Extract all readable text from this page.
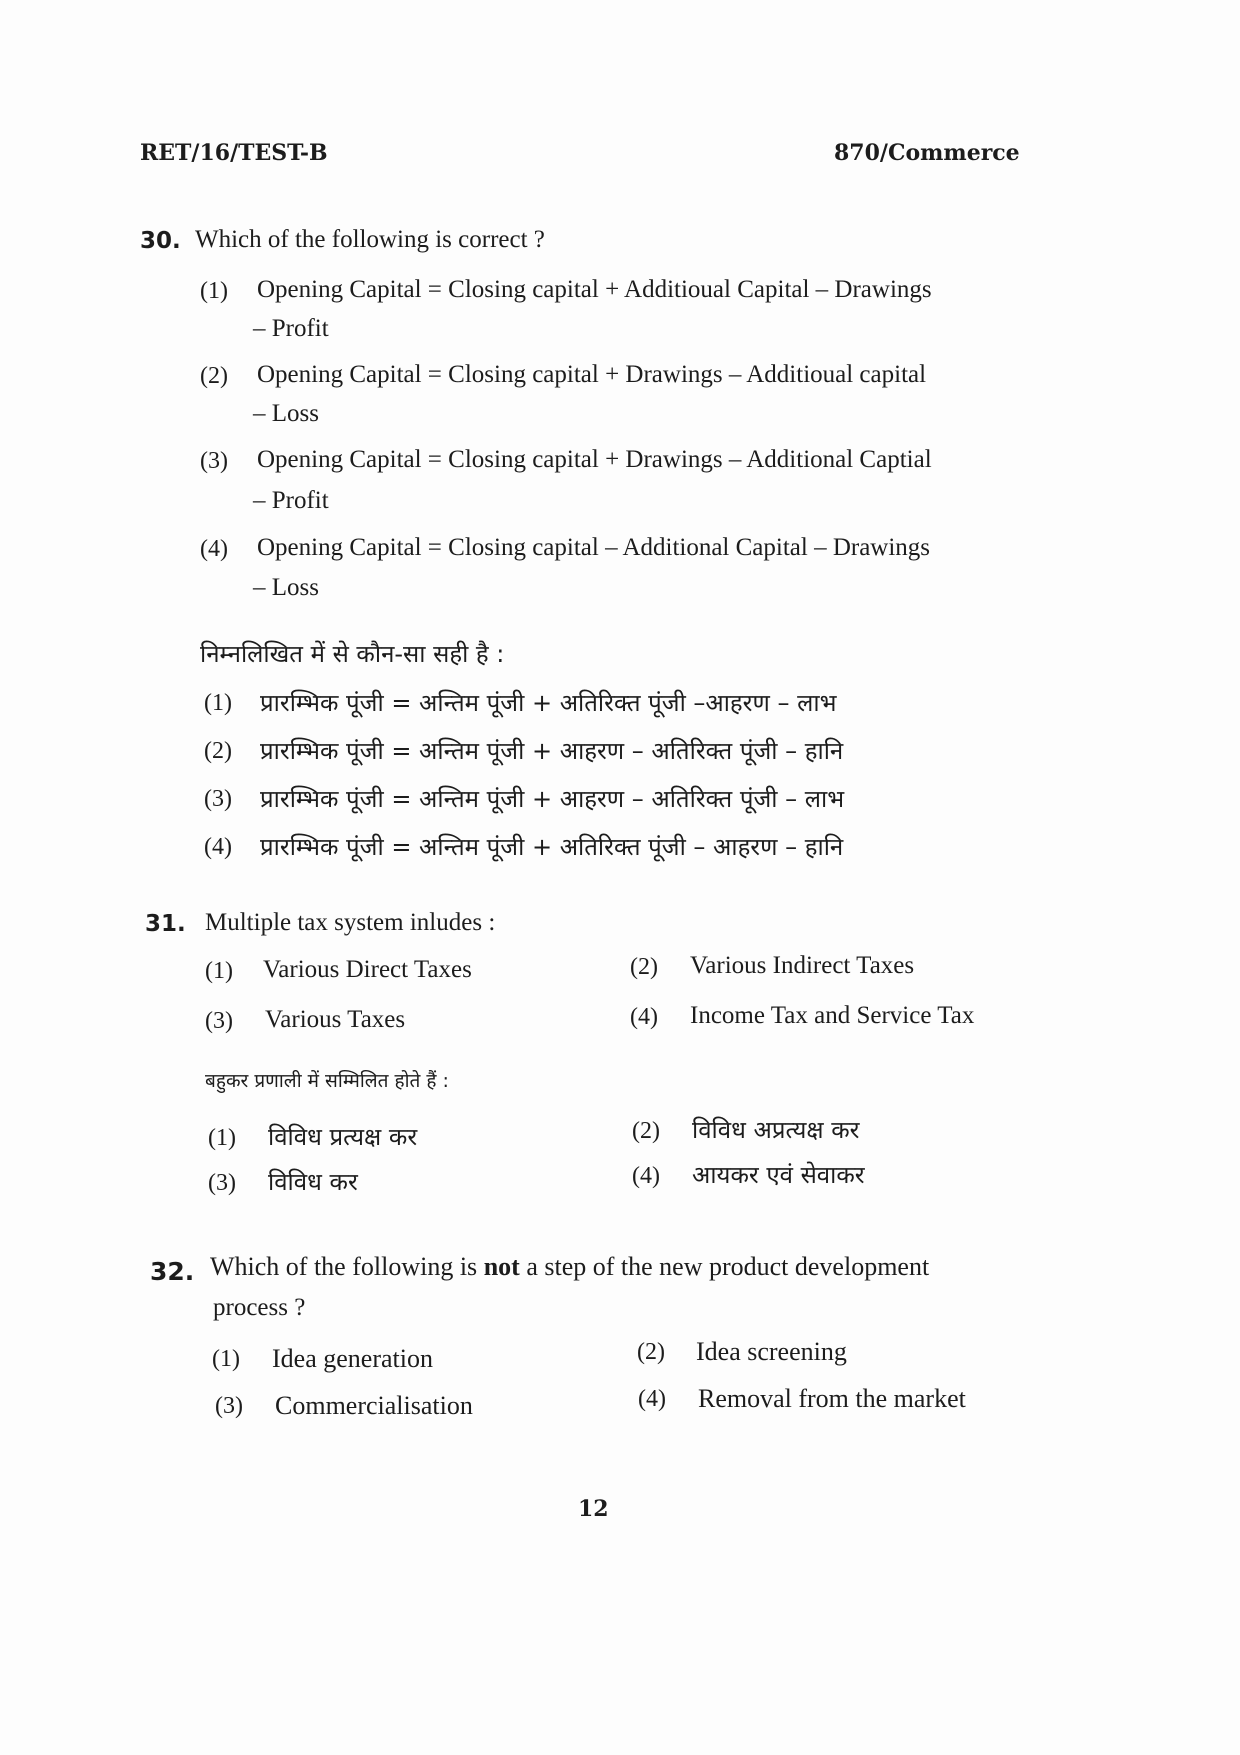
RET/16/TEST-B	870/Commerce
30. Which of the following is correct ?
(1) Opening Capital = Closing capital + Additioual Capital – Drawings
– Profit
(2) Opening Capital = Closing capital + Drawings – Additioual capital
– Loss
(3) Opening Capital = Closing capital + Drawings – Additional Captial
– Profit
(4) Opening Capital = Closing capital – Additional Capital – Drawings
– Loss
निम्नलिखित में से कौन-सा सही है :
(1) प्रारम्भिक पूंजी = अन्तिम पूंजी + अतिरिक्त पूंजी –आहरण – लाभ
(2) प्रारम्भिक पूंजी = अन्तिम पूंजी + आहरण – अतिरिक्त पूंजी – हानि
(3) प्रारम्भिक पूंजी = अन्तिम पूंजी + आहरण – अतिरिक्त पूंजी – लाभ
(4) प्रारम्भिक पूंजी = अन्तिम पूंजी + अतिरिक्त पूंजी – आहरण – हानि
31. Multiple tax system inludes :
(1) Various Direct Taxes	(2) Various Indirect Taxes
(3) Various Taxes	(4) Income Tax and Service Tax
बहुकर प्रणाली में सम्मिलित होते हैं :
(1) विविध प्रत्यक्ष कर	(2) विविध अप्रत्यक्ष कर
(3) विविध कर	(4) आयकर एवं सेवाकर
32. Which of the following is not a step of the new product development
process ?
(1) Idea generation	(2) Idea screening
(3) Commercialisation	(4) Removal from the market
12
